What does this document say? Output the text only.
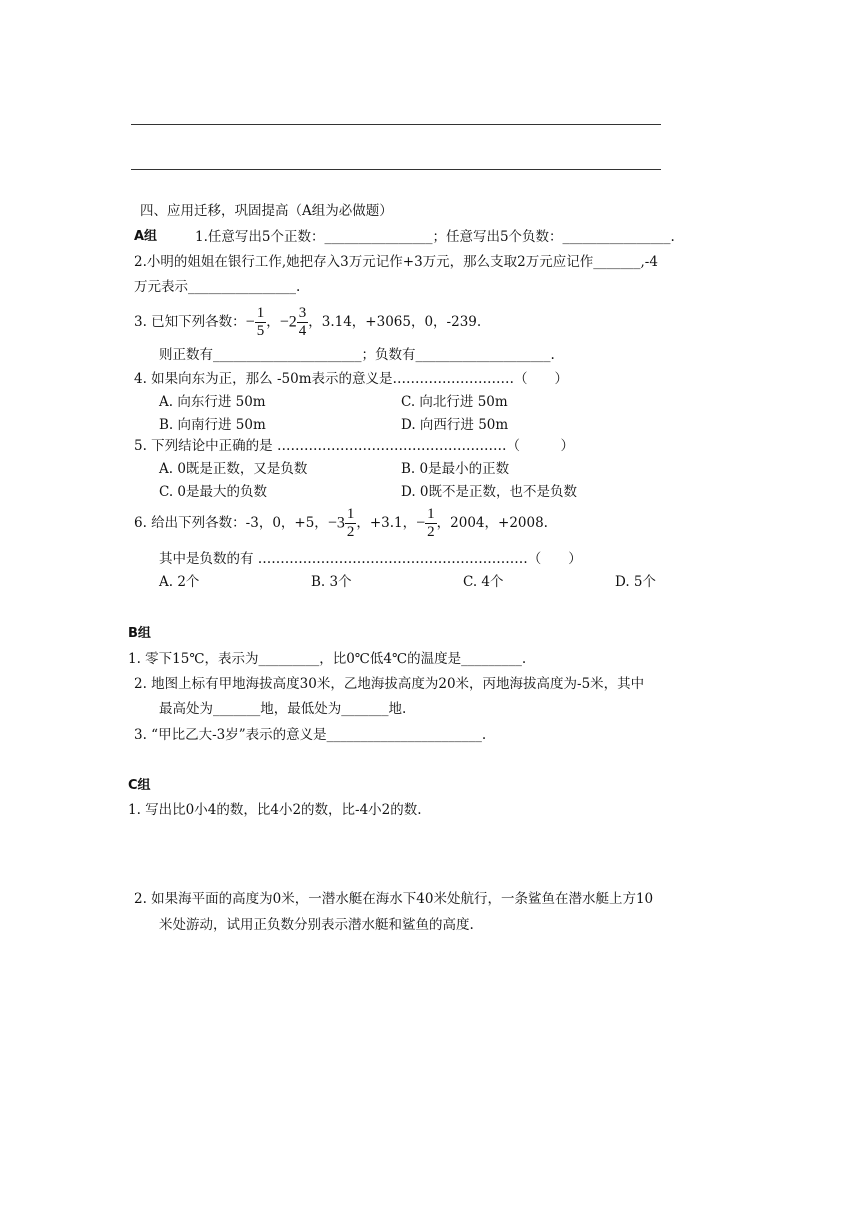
四、应用迁移，巩固提高（A组为必做题）
A组	1.任意写出5个正数：________________；任意写出5个负数：________________.
2.小明的姐姐在银行工作,她把存入3万元记作+3万元，那么支取2万元应记作_______,-4
万元表示________________.
3. 已知下列各数：− $\frac{1}{5}$ ，$-2 \frac{3}{4}$ ，3.14，+3065，0，-239.
则正数有______________________；负数有____________________.
4. 如果向东为正，那么 -50m表示的意义是………………………（　　）
A. 向东行进 50m	C. 向北行进 50m
B. 向南行进 50m	D. 向西行进 50m
5. 下列结论中正确的是 ……………………………………………（　　　）
A. 0既是正数，又是负数	B. 0是最小的正数
C. 0是最大的负数	D. 0既不是正数，也不是负数
6. 给出下列各数：-3，0，+5，$-3 \frac{1}{2}$ ，+3.1，− $\frac{1}{2}$ ，2004，+2008.
其中是负数的有 ……………………………………………………（　　）
A. 2个	B. 3个	C. 4个	D. 5个
B组
1. 零下15℃，表示为_________，比0℃低4℃的温度是_________.
2. 地图上标有甲地海拔高度30米，乙地海拔高度为20米，丙地海拔高度为-5米，其中
最高处为_______地，最低处为_______地.
3. “甲比乙大-3岁”表示的意义是_______________________.
C组
1. 写出比0小4的数，比4小2的数，比-4小2的数.
2. 如果海平面的高度为0米，一潜水艇在海水下40米处航行，一条鲨鱼在潜水艇上方10
米处游动，试用正负数分别表示潜水艇和鲨鱼的高度.
